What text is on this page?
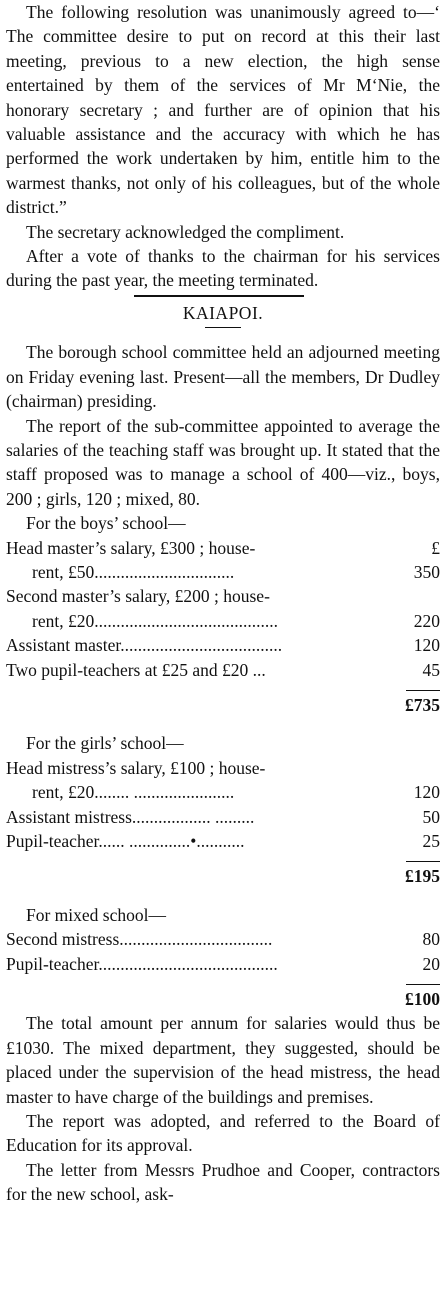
The following resolution was unanimously agreed to—‘ The committee desire to put on record at this their last meeting, previous to a new election, the high sense entertained by them of the services of Mr M‘Nie, the honorary secretary ; and further are of opinion that his valuable assistance and the accuracy with which he has performed the work undertaken by him, entitle him to the warmest thanks, not only of his colleagues, but of the whole district.”

The secretary acknowledged the compliment.

After a vote of thanks to the chairman for his services during the past year, the meeting terminated.

KAIAPOI.

The borough school committee held an adjourned meeting on Friday evening last. Present—all the members, Dr Dudley (chairman) presiding.

The report of the sub-committee appointed to average the salaries of the teaching staff was brought up. It stated that the staff proposed was to manage a school of 400—viz., boys, 200 ; girls, 120 ; mixed, 80.

For the boys’ school—

Head master’s salary, £300 ; house-	£
rent, £50................................	350
Second master’s salary, £200 ; house-
rent, £20..........................................	220
Assistant master.....................................	120
Two pupil-teachers at £25 and £20 ...	45

£735

For the girls’ school—

Head mistress’s salary, £100 ; house-
rent, £20........ .......................	120
Assistant mistress.................. .........	50
Pupil-teacher...... ..............•...........	25

£195

For mixed school—

Second mistress...................................	80
Pupil-teacher.........................................	20

£100

The total amount per annum for salaries would thus be £1030. The mixed department, they suggested, should be placed under the supervision of the head mistress, the head master to have charge of the buildings and premises.

The report was adopted, and referred to the Board of Education for its approval.

The letter from Messrs Prudhoe and Cooper, contractors for the new school, ask-
